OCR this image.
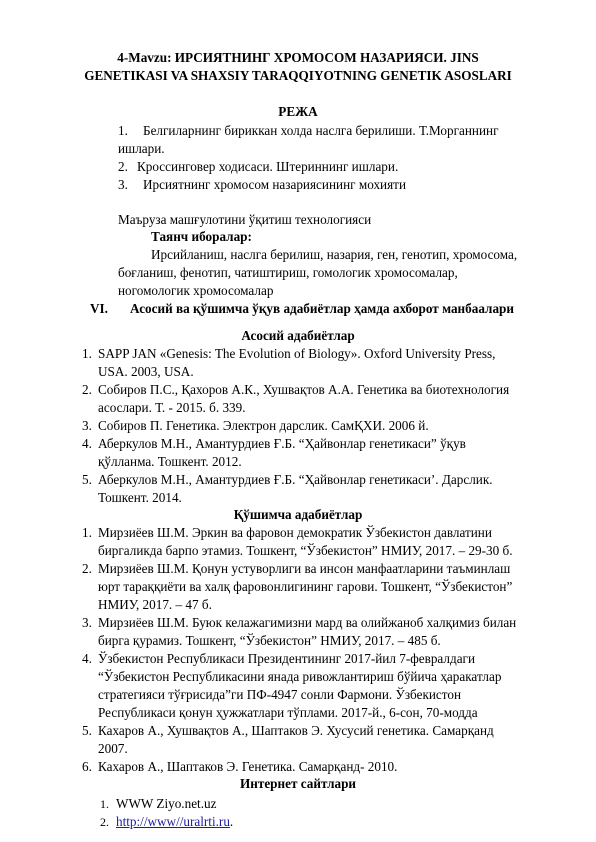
4-Mavzu: ИРСИЯТНИНГ ХРОМОСОМ НАЗАРИЯСИ. JINS
GENETIKASI VA SHAXSIY TARAQQIYOTNING GENETIK ASOSLARI
РЕЖА
1. Белгиларнинг бириккан холда наслга берилиши. Т.Морганнинг
ишлари.
2. Кроссинговер ходисаси. Штериннинг ишлари.
3. Ирсиятнинг хромосом назариясининг мохияти
Маъруза машғулотини ўқитиш технологияси
Таянч иборалар:
Ирсийланиш, наслга берилиш, назария, ген, генотип, хромосома,
боғланиш, фенотип, чатиштириш, гомологик хромосомалар,
ногомологик хромосомалар
VI. Асосий ва қўшимча ўқув адабиётлар ҳамда ахборот манбаалари
Асосий адабиётлар
1. SAPP JAN «Genesis: The Evolution of Biology». Oxford University Press,
USA. 2003, USA.
2. Собиров П.С., Қахоров А.К., Хушвақтов А.А. Генетика ва биотехнология
асослари. Т. - 2015. б. 339.
3. Собиров П. Генетика. Электрон дарслик. СамҚХИ. 2006 й.
4. Аберкулов М.Н., Амантурдиев Ғ.Б. “Ҳайвонлар генетикаси” ўқув
қўлланма. Тошкент. 2012.
5. Аберкулов М.Н., Амантурдиев Ғ.Б. “Ҳайвонлар генетикаси’. Дарслик.
Тошкент. 2014.
Қўшимча адабиётлар
1. Мирзиёев Ш.М. Эркин ва фаровон демократик Ўзбекистон давлатини
биргаликда барпо этамиз. Тошкент, “Ўзбекистон” НМИУ, 2017. – 29-30 б.
2. Мирзиёев Ш.М. Қонун устуворлиги ва инсон манфаатларини таъминлаш
юрт тараққиёти ва халқ фаровонлигининг гарови. Тошкент, “Ўзбекистон”
НМИУ, 2017. – 47 б.
3. Мирзиёев Ш.М. Буюк келажагимизни мард ва олийжаноб халқимиз билан
бирга қурамиз. Тошкент, “Ўзбекистон” НМИУ, 2017. – 485 б.
4. Ўзбекистон Республикаси Президентининг 2017-йил 7-февралдаги
“Ўзбекистон Республикасини янада ривожлантириш бўйича ҳаракатлар
стратегияси тўғрисида”ги ПФ-4947 сонли Фармони. Ўзбекистон
Республикаси қонун ҳужжатлари тўплами. 2017-й., 6-сон, 70-модда
5. Кахаров А., Хушвақтов А., Шаптаков Э. Хусусий генетика. Самарқанд
2007.
6. Кахаров А., Шаптаков Э. Генетика. Самарқанд- 2010.
Интернет сайтлари
1. WWW Ziyo.net.uz
2. http://www//uralrti.ru.
